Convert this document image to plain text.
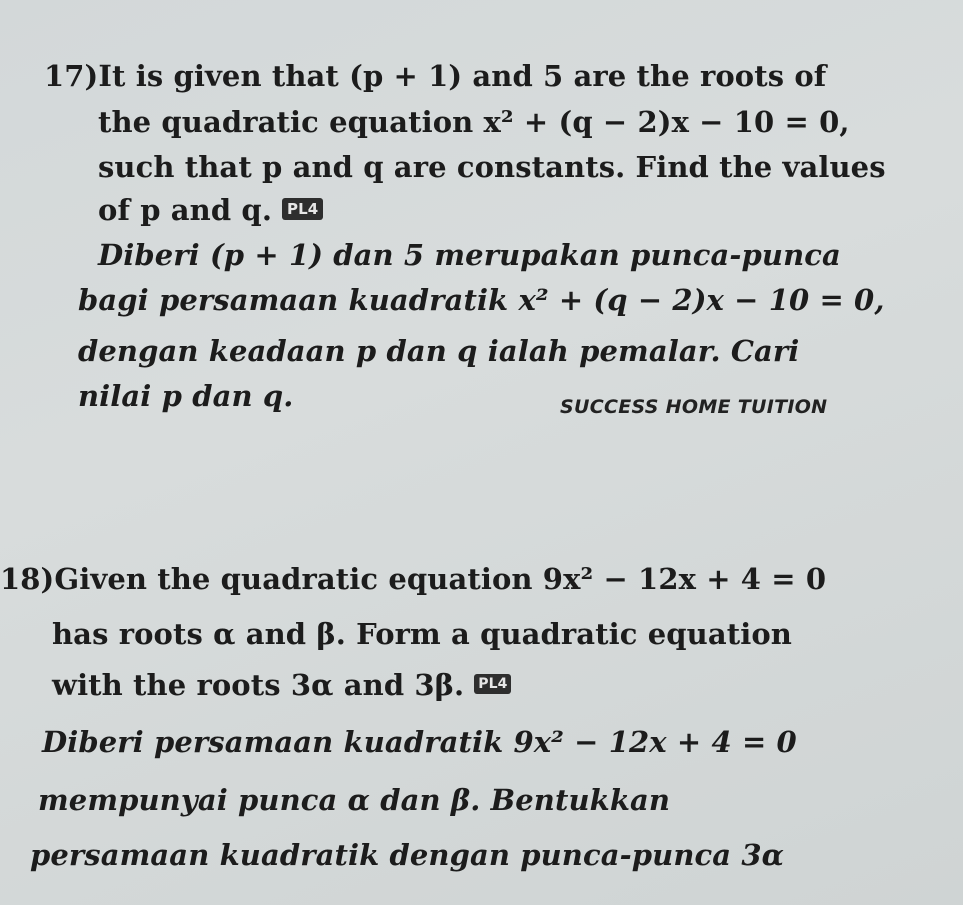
17)It is given that (p + 1) and 5 are the roots of
the quadratic equation x² + (q − 2)x − 10 = 0,
such that p and q are constants. Find the values
of p and q. PL4
Diberi (p + 1) dan 5 merupakan punca-punca
bagi persamaan kuadratik x² + (q − 2)x − 10 = 0,
dengan keadaan p dan q ialah pemalar. Cari
nilai p dan q.	SUCCESS HOME TUITION
18)Given the quadratic equation 9x² − 12x + 4 = 0
has roots α and β. Form a quadratic equation
with the roots 3α and 3β. PL4
Diberi persamaan kuadratik 9x² − 12x + 4 = 0
mempunyai punca α dan β. Bentukkan
persamaan kuadratik dengan punca-punca 3α
